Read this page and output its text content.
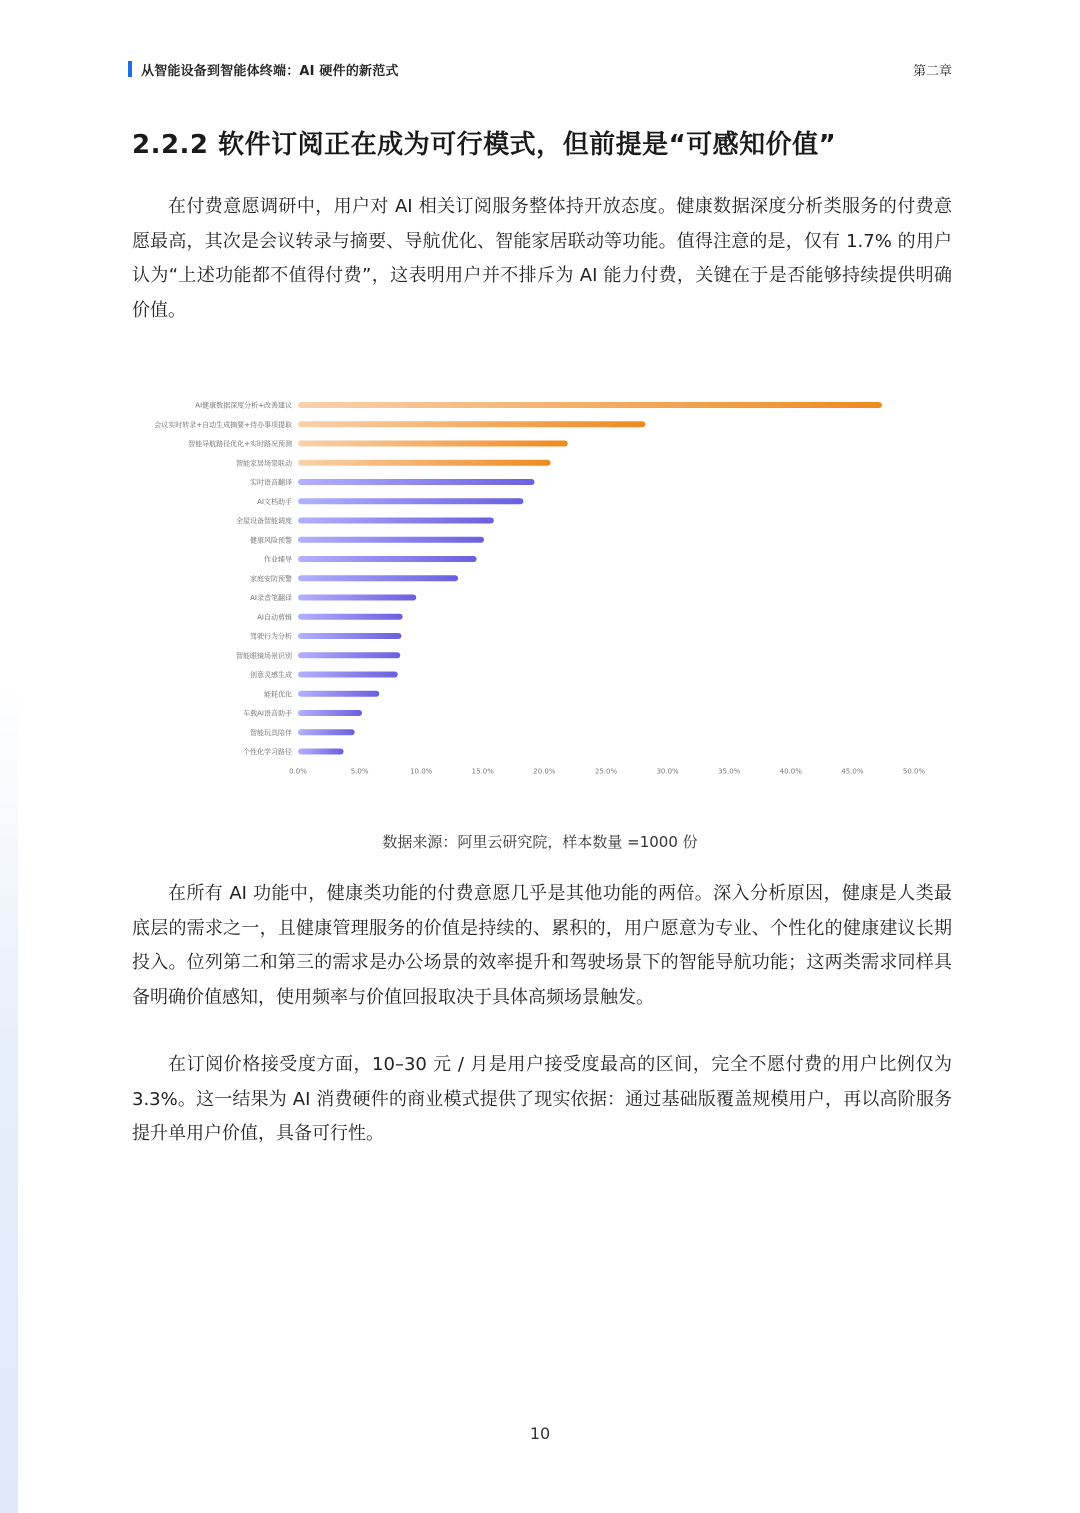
从智能设备到智能体终端：AI 硬件的新范式	第二章
2.2.2 软件订阅正在成为可行模式，但前提是“可感知价值”

在付费意愿调研中，用户对 AI 相关订阅服务整体持开放态度。健康数据深度分析类服务的付费意愿最高，其次是会议转录与摘要、导航优化、智能家居联动等功能。值得注意的是，仅有 1.7% 的用户认为“上述功能都不值得付费”，这表明用户并不排斥为 AI 能力付费，关键在于是否能够持续提供明确价值。

AI健康数据深度分析+改善建议
会议实时转录+自动生成摘要+待办事项提取
智能导航路径优化+实时路况预测
智能家居场景联动
实时语音翻译
AI文档助手
全屋设备智能调度
健康风险预警
作业辅导
家庭安防预警
AI录音笔翻译
AI自动剪辑
驾驶行为分析
智能眼镜场景识别
创意灵感生成
能耗优化
车载AI语音助手
智能玩具陪伴
个性化学习路径
0.0%	5.0%	10.0%	15.0%	20.0%	25.0%	30.0%	35.0%	40.0%	45.0%	50.0%
数据来源：阿里云研究院，样本数量 =1000 份

在所有 AI 功能中，健康类功能的付费意愿几乎是其他功能的两倍。深入分析原因，健康是人类最底层的需求之一，且健康管理服务的价值是持续的、累积的，用户愿意为专业、个性化的健康建议长期投入。位列第二和第三的需求是办公场景的效率提升和驾驶场景下的智能导航功能；这两类需求同样具备明确价值感知，使用频率与价值回报取决于具体高频场景触发。

在订阅价格接受度方面，10–30 元 / 月是用户接受度最高的区间，完全不愿付费的用户比例仅为 3.3%。这一结果为 AI 消费硬件的商业模式提供了现实依据：通过基础版覆盖规模用户，再以高阶服务提升单用户价值，具备可行性。

10
